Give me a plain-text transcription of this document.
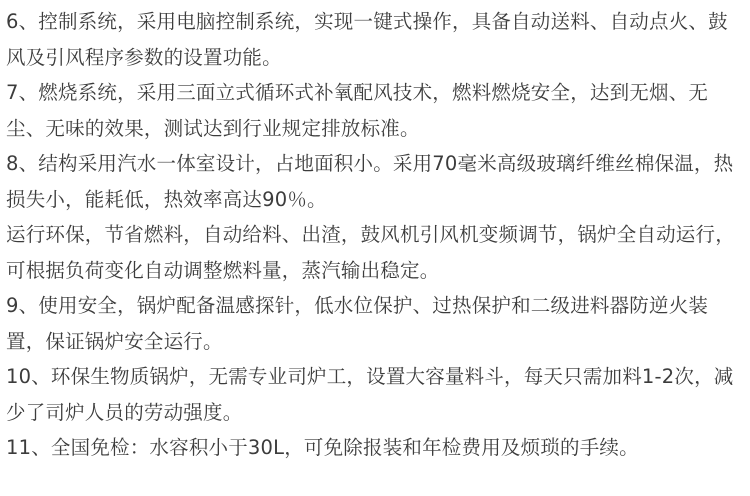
6、控制系统，采用电脑控制系统，实现一键式操作，具备自动送料、自动点火、鼓风及引风程序参数的设置功能。

7、燃烧系统，采用三面立式循环式补氧配风技术，燃料燃烧安全，达到无烟、无尘、无味的效果，测试达到行业规定排放标准。

8、结构采用汽水一体室设计，占地面积小。采用70毫米高级玻璃纤维丝棉保温，热损失小，能耗低，热效率高达90％。

运行环保，节省燃料，自动给料、出渣，鼓风机引风机变频调节，锅炉全自动运行，可根据负荷变化自动调整燃料量，蒸汽输出稳定。

9、使用安全，锅炉配备温感探针，低水位保护、过热保护和二级进料器防逆火装置，保证锅炉安全运行。

10、环保生物质锅炉，无需专业司炉工，设置大容量料斗，每天只需加料1-2次，减少了司炉人员的劳动强度。

11、全国免检：水容积小于30L，可免除报装和年检费用及烦琐的手续。
